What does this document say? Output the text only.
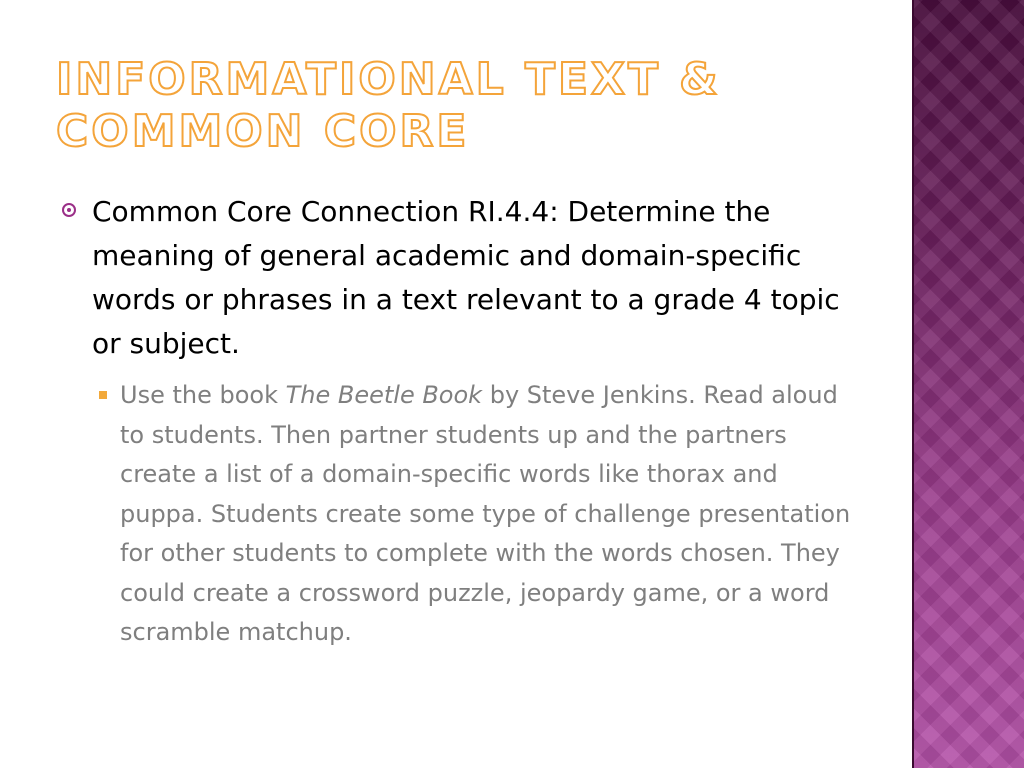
INFORMATIONAL TEXT & COMMON CORE
Common Core Connection RI.4.4: Determine the meaning of general academic and domain-specific words or phrases in a text relevant to a grade 4 topic or subject.
Use the book The Beetle Book by Steve Jenkins. Read aloud to students. Then partner students up and the partners create a list of a domain-specific words like thorax and puppa. Students create some type of challenge presentation for other students to complete with the words chosen. They could create a crossword puzzle, jeopardy game, or a word scramble matchup.
